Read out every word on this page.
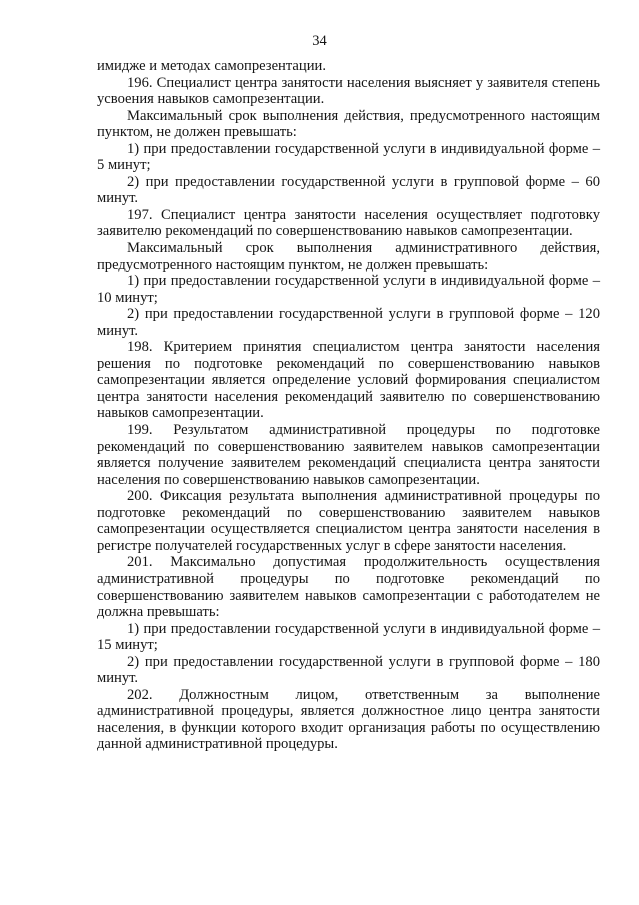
34

имидже и методах самопрезентации.

196. Специалист центра занятости населения выясняет у заявителя степень усвоения навыков самопрезентации.

Максимальный срок выполнения действия, предусмотренного настоящим пунктом, не должен превышать:

1) при предоставлении государственной услуги в индивидуальной форме – 5 минут;

2) при предоставлении государственной услуги в групповой форме – 60 минут.

197. Специалист центра занятости населения осуществляет подготовку заявителю рекомендаций по совершенствованию навыков самопрезентации.

Максимальный срок выполнения административного действия, предусмотренного настоящим пунктом, не должен превышать:

1) при предоставлении государственной услуги в индивидуальной форме – 10 минут;

2) при предоставлении государственной услуги в групповой форме – 120 минут.

198. Критерием принятия специалистом центра занятости населения решения по подготовке рекомендаций по совершенствованию навыков самопрезентации является определение условий формирования специалистом центра занятости населения рекомендаций заявителю по совершенствованию навыков самопрезентации.

199. Результатом административной процедуры по подготовке рекомендаций по совершенствованию заявителем навыков самопрезентации является получение заявителем рекомендаций специалиста центра занятости населения по совершенствованию навыков самопрезентации.

200. Фиксация результата выполнения административной процедуры по подготовке рекомендаций по совершенствованию заявителем навыков самопрезентации осуществляется специалистом центра занятости населения в регистре получателей государственных услуг в сфере занятости населения.

201. Максимально допустимая продолжительность осуществления административной процедуры по подготовке рекомендаций по совершенствованию заявителем навыков самопрезентации с работодателем не должна превышать:

1) при предоставлении государственной услуги в индивидуальной форме – 15 минут;

2) при предоставлении государственной услуги в групповой форме – 180 минут.

202. Должностным лицом, ответственным за выполнение административной процедуры, является должностное лицо центра занятости населения, в функции которого входит организация работы по осуществлению данной административной процедуры.
